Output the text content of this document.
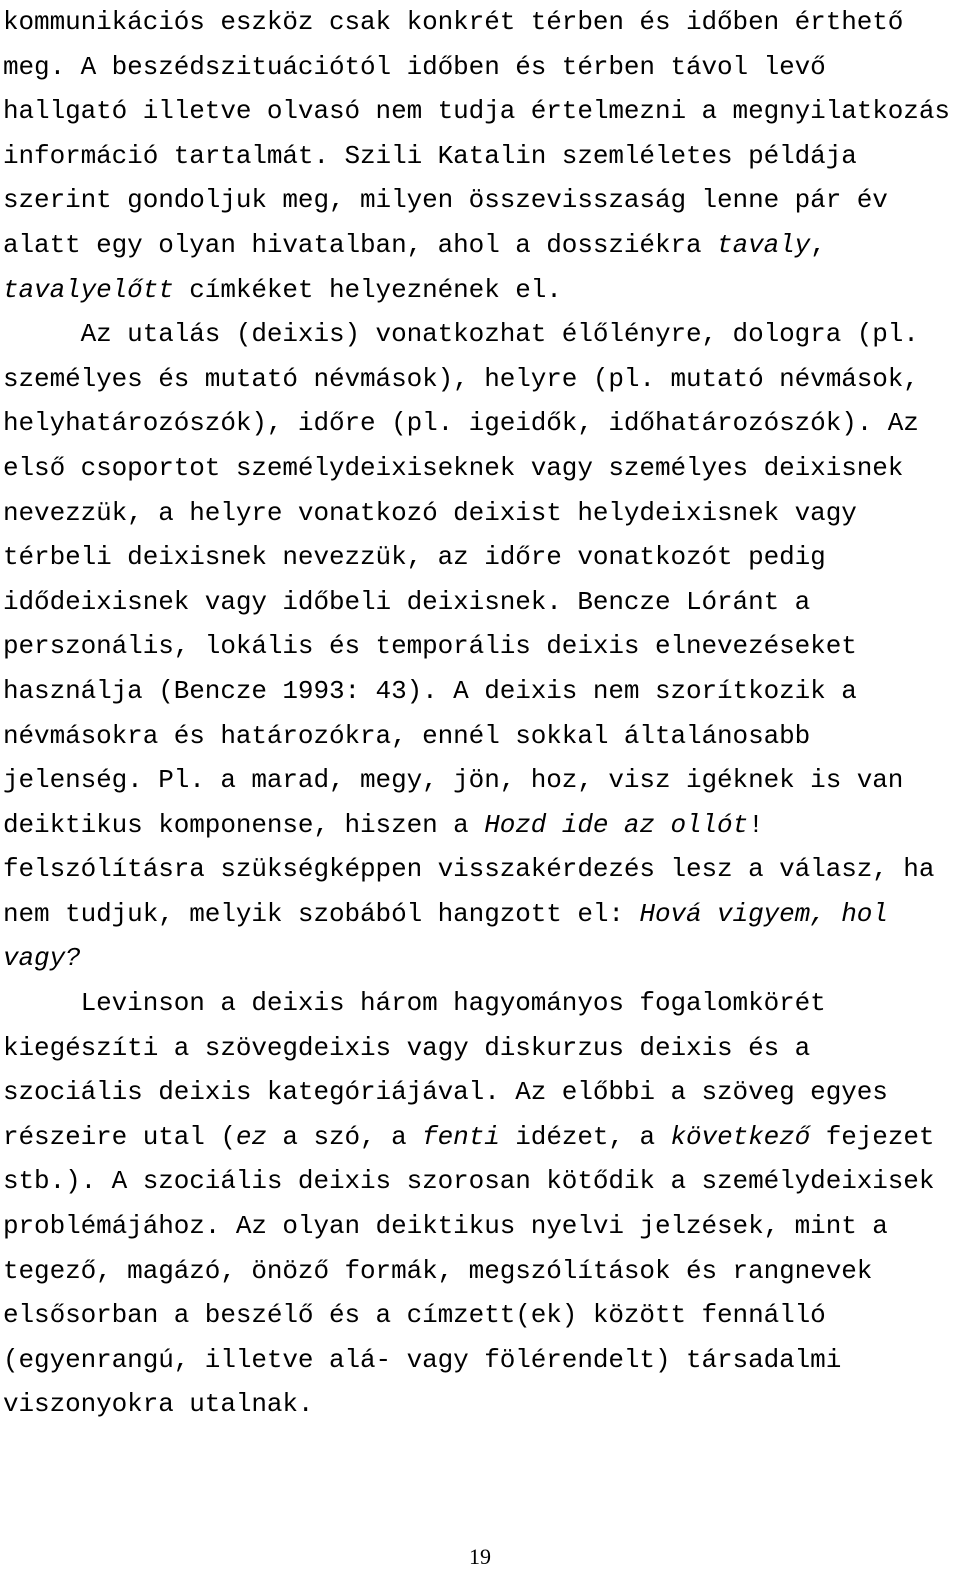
kommunikációs eszköz csak konkrét térben és időben érthető
meg. A beszédszituációtól időben és térben távol levő
hallgató illetve olvasó nem tudja értelmezni a megnyilatkozás
információ tartalmát. Szili Katalin szemléletes példája
szerint gondoljuk meg, milyen összevisszaság lenne pár év
alatt egy olyan hivatalban, ahol a dossziékra tavaly,
tavalyelőtt címkéket helyeznének el.
Az utalás (deixis) vonatkozhat élőlényre, dologra (pl.
személyes és mutató névmások), helyre (pl. mutató névmások,
helyhatározószók), időre (pl. igeidők, időhatározószók). Az
első csoportot személydeixiseknek vagy személyes deixisnek
nevezzük, a helyre vonatkozó deixist helydeixisnek vagy
térbeli deixisnek nevezzük, az időre vonatkozót pedig
idődeixisnek vagy időbeli deixisnek. Bencze Lóránt a
perszonális, lokális és temporális deixis elnevezéseket
használja (Bencze 1993: 43). A deixis nem szorítkozik a
névmásokra és határozókra, ennél sokkal általánosabb
jelenség. Pl. a marad, megy, jön, hoz, visz igéknek is van
deiktikus komponense, hiszen a Hozd ide az ollót!
felszólításra szükségképpen visszakérdezés lesz a válasz, ha
nem tudjuk, melyik szobából hangzott el: Hová vigyem, hol
vagy?
Levinson a deixis három hagyományos fogalomkörét
kiegészíti a szövegdeixis vagy diskurzus deixis és a
szociális deixis kategóriájával. Az előbbi a szöveg egyes
részeire utal (ez a szó, a fenti idézet, a következő fejezet
stb.). A szociális deixis szorosan kötődik a személydeixisek
problémájához. Az olyan deiktikus nyelvi jelzések, mint a
tegező, magázó, önöző formák, megszólítások és rangnevek
elsősorban a beszélő és a címzett(ek) között fennálló
(egyenrangú, illetve alá- vagy fölérendelt) társadalmi
viszonyokra utalnak.
19
